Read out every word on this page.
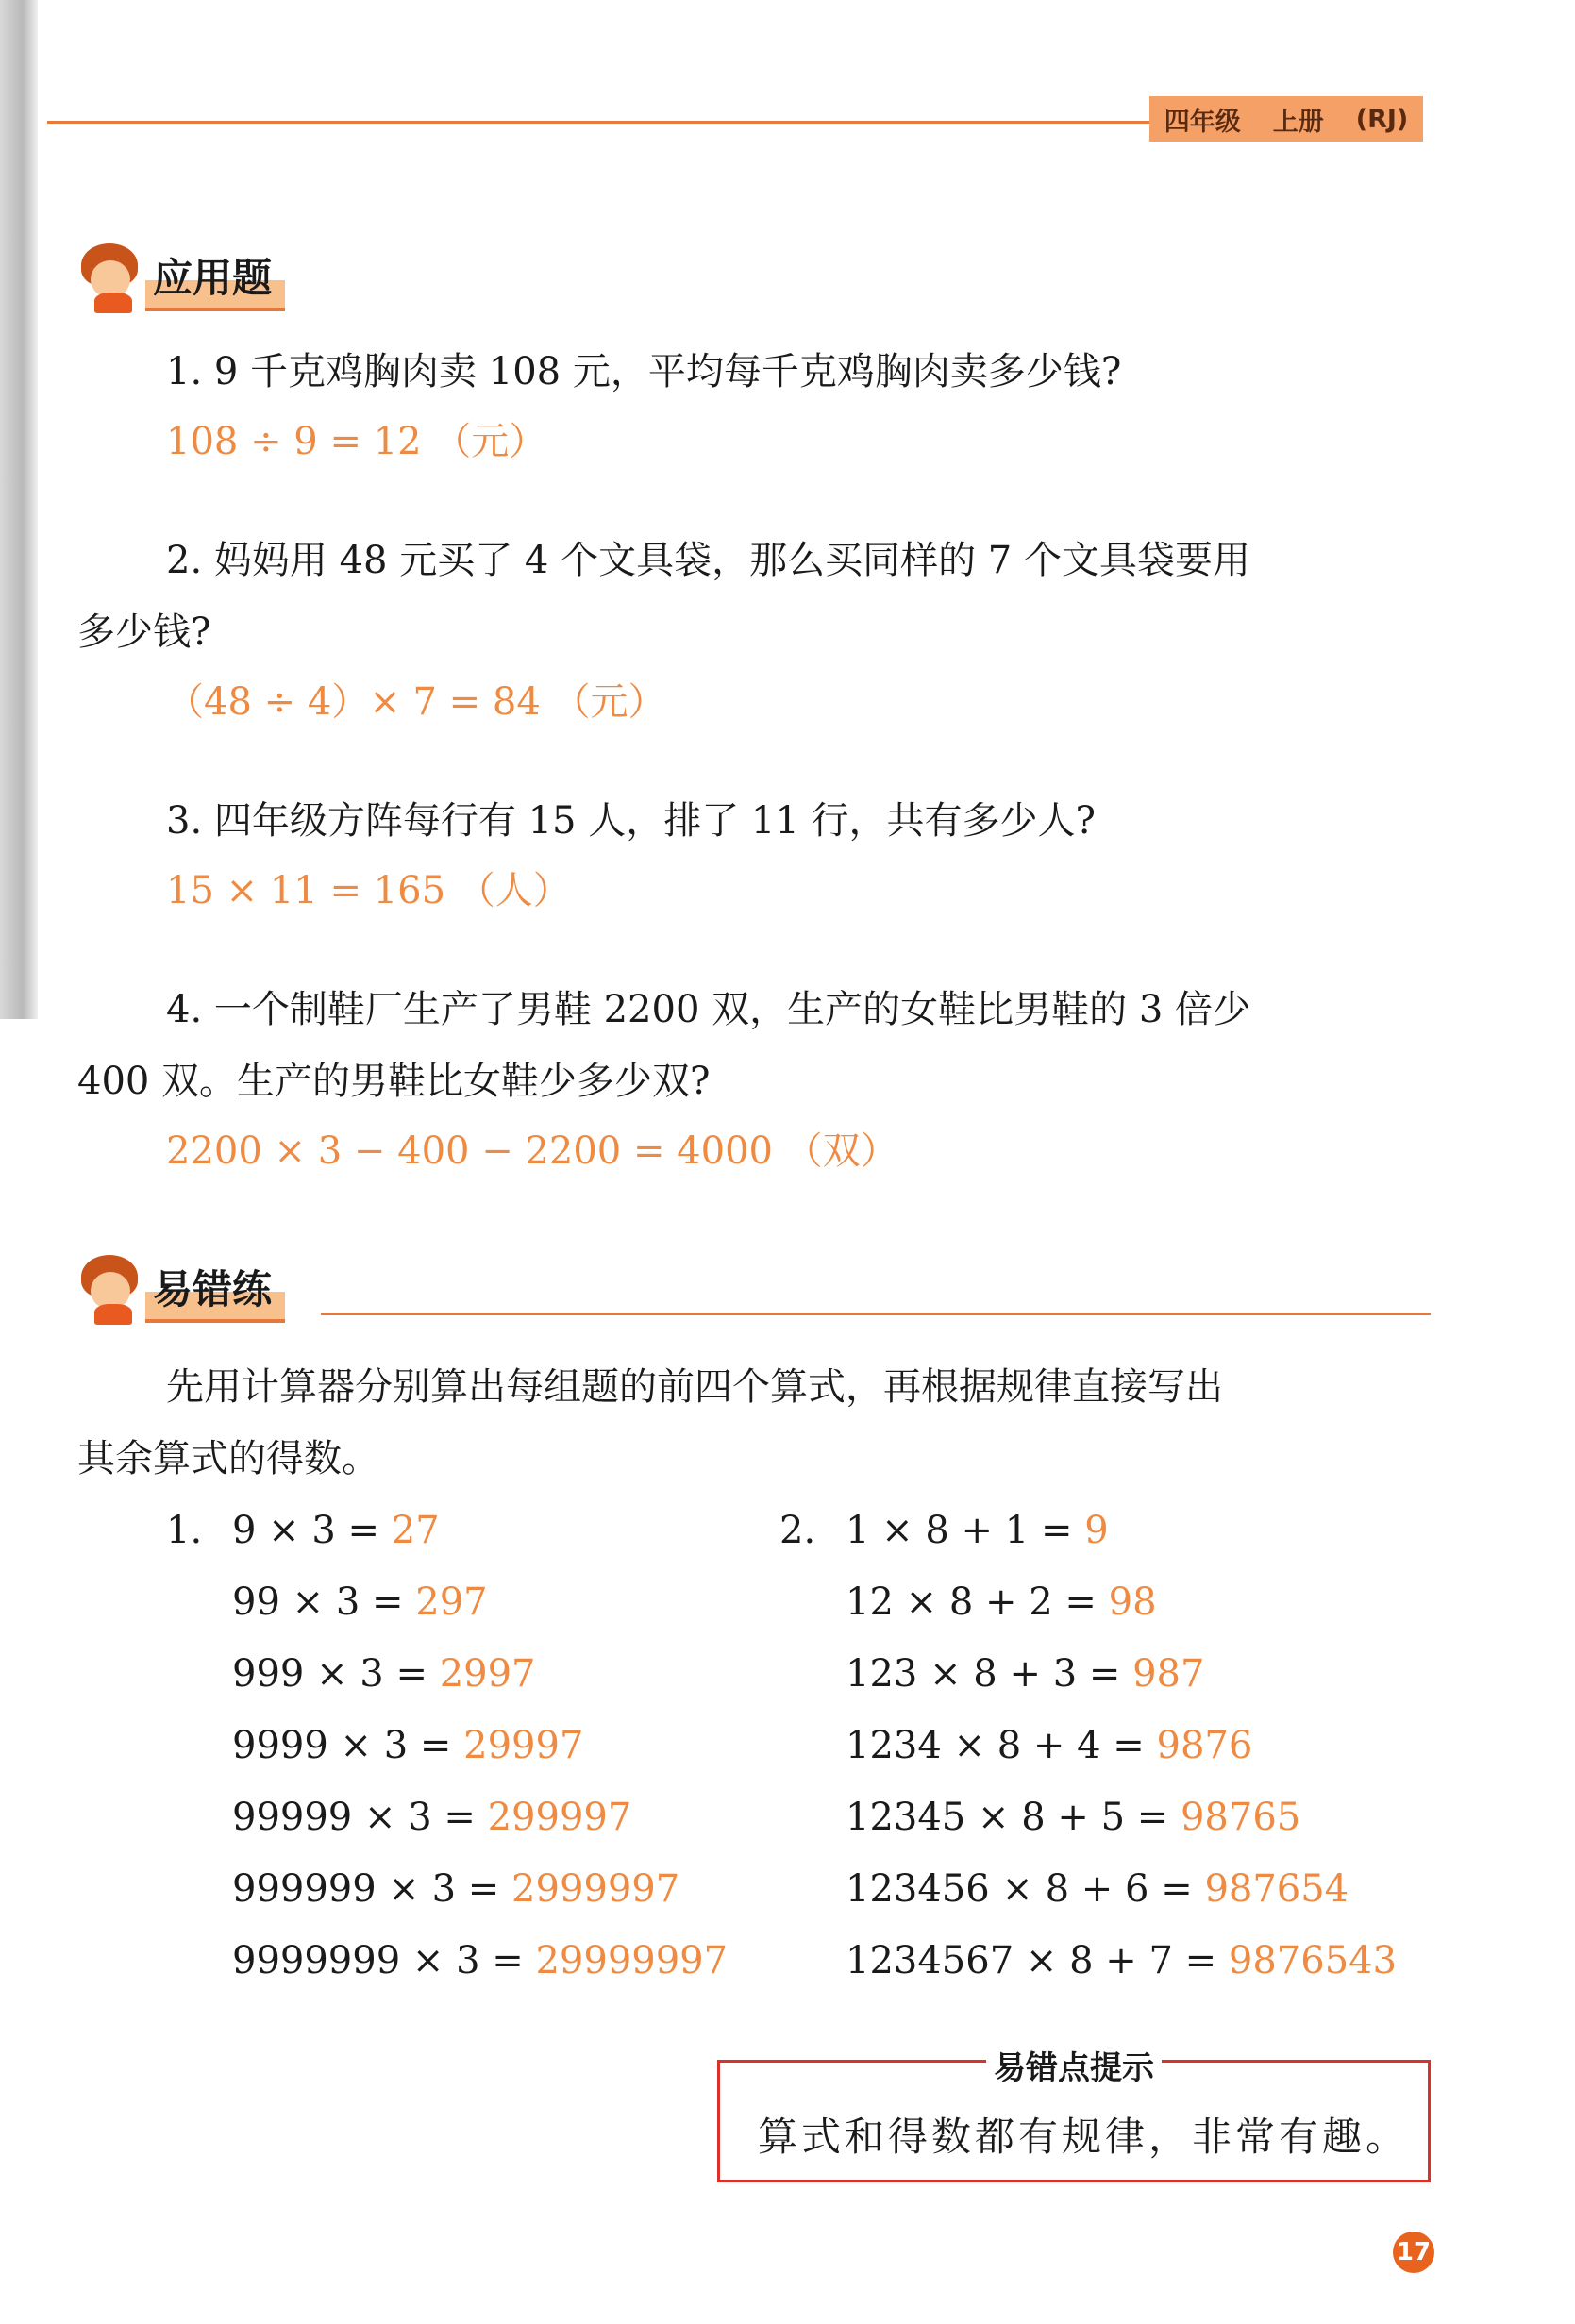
四年级 上册 (RJ)
应用题
1. 9 千克鸡胸肉卖 108 元，平均每千克鸡胸肉卖多少钱?
108 ÷ 9 = 12 （元）
2. 妈妈用 48 元买了 4 个文具袋，那么买同样的 7 个文具袋要用
多少钱?
（48 ÷ 4）× 7 = 84 （元）
3. 四年级方阵每行有 15 人，排了 11 行，共有多少人?
15 × 11 = 165 （人）
4. 一个制鞋厂生产了男鞋 2200 双，生产的女鞋比男鞋的 3 倍少
400 双。生产的男鞋比女鞋少多少双?
2200 × 3 − 400 − 2200 = 4000 （双）
易错练
先用计算器分别算出每组题的前四个算式，再根据规律直接写出
其余算式的得数。
1.	2.
9 × 3 = 27
99 × 3 = 297
999 × 3 = 2997
9999 × 3 = 29997
99999 × 3 = 299997
999999 × 3 = 2999997
9999999 × 3 = 29999997
1 × 8 + 1 = 9
12 × 8 + 2 = 98
123 × 8 + 3 = 987
1234 × 8 + 4 = 9876
12345 × 8 + 5 = 98765
123456 × 8 + 6 = 987654
1234567 × 8 + 7 = 9876543
易错点提示
算式和得数都有规律，非常有趣。
17
